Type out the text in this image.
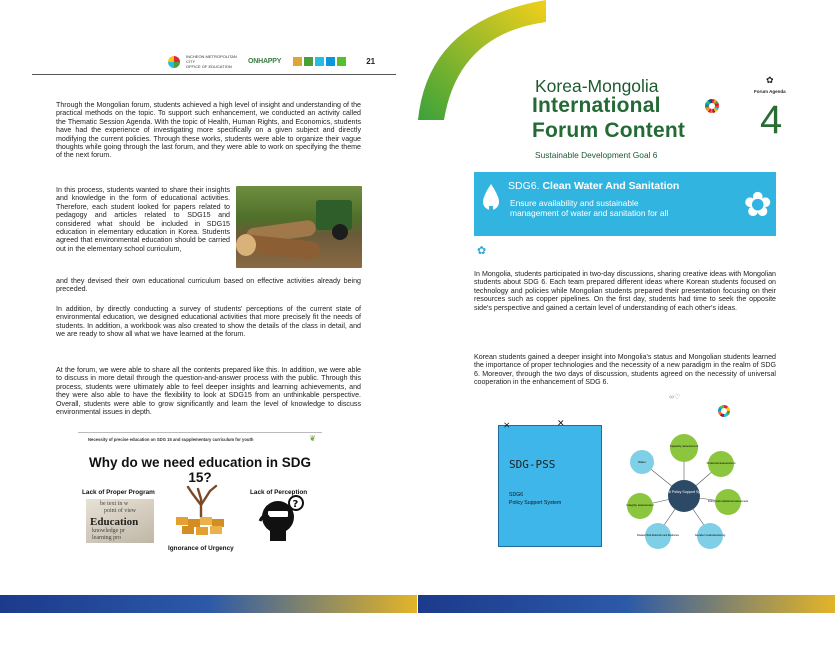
INCHEON METROPOLITAN CITY
OFFICE OF EDUCATION
ONHAPPY	21

Through the Mongolian forum, students achieved a high level of insight and understanding of the practical methods on the topic. To support such enhancement, we conducted an activity called the Thematic Session Agenda. With the topic of Health, Human Rights, and Economics, students have had the experience of investigating more specifically on a given subject and directly modifying the current policies. Through these works, students were able to organize their vague thoughts while going through the last forum, and they were able to work on specifying the theme of the next forum.

In this process, students wanted to share their insights and knowledge in the form of educational activities. Therefore, each student looked for papers related to pedagogy and articles related to SDG15 and considered what should be included in SDG15 education in elementary education in Korea. Students agreed that environmental education should be carried out in the elementary school curriculum,

and they devised their own educational curriculum based on effective activities already being preceded.

In addition, by directly conducting a survey of students' perceptions of the current state of environmental education, we designed educational activities that more precisely fit the needs of students. In addition, a workbook was also created to show the details of the class in detail, and we are ready to show all what we have learned at the forum.

At the forum, we were able to share all the contents prepared like this. In addition, we were able to discuss in more detail through the question-and-answer process with the public. Through this process, students were ultimately able to feel deeper insights and learning achievements, and they were also able to have the flexibility to look at SDG15 from an unthinkable perspective. Overall, students were able to grow significantly and learn the level of knowledge to discuss environmental issues in depth.

Necessity of precise education on SDG 15 and supplementary curriculum for youth	❦
Why do we need education in SDG 15?
Lack of Proper Program	Lack of Perception
Ignorance of Urgency
be text in w
point of view
Education
knowledge pr
learning pro
?
Korea-Mongolia
International
Forum Content
Sustainable Development Goal 6
✿
Forum Agenda
4
SDG6. Clean Water And Sanitation
Ensure availability and sustainable
management of water and sanitation for all	✿
✿

In Mongolia, students participated in two-day discussions, sharing creative ideas with Mongolian students about SDG 6. Each team prepared different ideas where Korean students focused on technology and policies while Mongolian students prepared their presentation focusing on their resources such as copper pipelines. On the first day, students had time to seek the opposite side's perspective and gained a certain level of understanding of each other's ideas.

Korean students gained a deeper insight into Mongolia's status and Mongolian students learned the importance of proper technologies and the necessity of a new paradigm in the realm of SDG 6. Moreover, through the two days of discussion, students agreed on the necessity of universal cooperation in the enhancement of SDG 6.

∞♡
⨯	✕
SDG-PSS
SDG6
Policy Support System
SDG 6 Policy Support System
Capacity assessment
Financial assessment
Policy and institutional assessment
Gender mainstreaming
Disaster Risk Reduction and Resilience
Integrity assessment
Water
